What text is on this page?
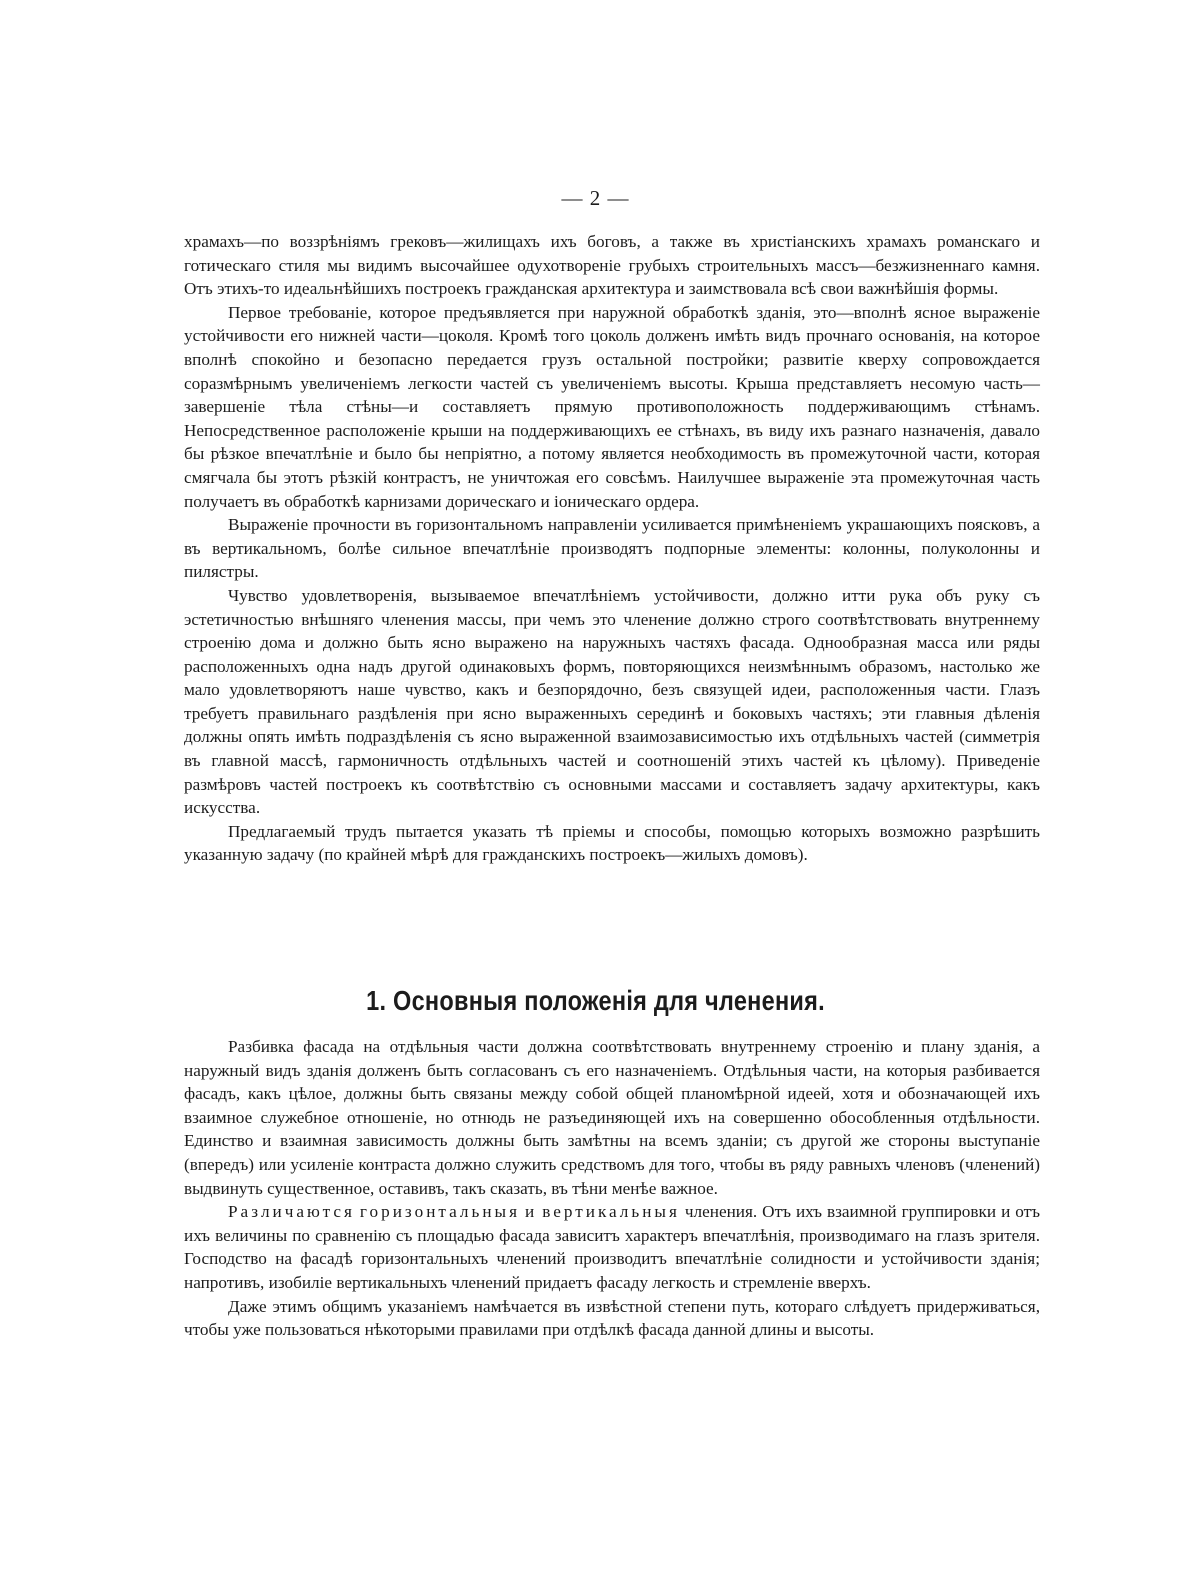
— 2 —

храмахъ—по воззрѣніямъ грековъ—жилищахъ ихъ боговъ, а также въ христіанскихъ храмахъ романскаго и готическаго стиля мы видимъ высочайшее одухотвореніе грубыхъ строительныхъ массъ—безжизненнаго камня. Отъ этихъ-то идеальнѣйшихъ построекъ гражданская архитектура и заимствовала всѣ свои важнѣйшія формы.

Первое требованіе, которое предъявляется при наружной обработкѣ зданія, это—вполнѣ ясное выраженіе устойчивости его нижней части—цоколя. Кромѣ того цоколь долженъ имѣть видъ прочнаго основанія, на которое вполнѣ спокойно и безопасно передается грузъ остальной постройки; развитіе кверху сопровождается соразмѣрнымъ увеличеніемъ легкости частей съ увеличеніемъ высоты. Крыша представляетъ несомую часть—завершеніе тѣла стѣны—и составляетъ прямую противоположность поддерживающимъ стѣнамъ. Непосредственное расположеніе крыши на поддерживающихъ ее стѣнахъ, въ виду ихъ разнаго назначенія, давало бы рѣзкое впечатлѣніе и было бы непріятно, а потому является необходимость въ промежуточной части, которая смягчала бы этотъ рѣзкій контрастъ, не уничтожая его совсѣмъ. Наилучшее выраженіе эта промежуточная часть получаетъ въ обработкѣ карнизами дорическаго и іоническаго ордера.

Выраженіе прочности въ горизонтальномъ направленіи усиливается примѣненіемъ украшающихъ поясковъ, а въ вертикальномъ, болѣе сильное впечатлѣніе производятъ подпорные элементы: колонны, полуколонны и пилястры.

Чувство удовлетворенія, вызываемое впечатлѣніемъ устойчивости, должно итти рука объ руку съ эстетичностью внѣшняго членения массы, при чемъ это членение должно строго соотвѣтствовать внутреннему строенію дома и должно быть ясно выражено на наружныхъ частяхъ фасада. Однообразная масса или ряды расположенныхъ одна надъ другой одинаковыхъ формъ, повторяющихся неизмѣннымъ образомъ, настолько же мало удовлетворяютъ наше чувство, какъ и безпорядочно, безъ связущей идеи, расположенныя части. Глазъ требуетъ правильнаго раздѣленія при ясно выраженныхъ серединѣ и боковыхъ частяхъ; эти главныя дѣленія должны опять имѣть подраздѣленія съ ясно выраженной взаимозависимостью ихъ отдѣльныхъ частей (симметрія въ главной массѣ, гармоничность отдѣльныхъ частей и соотношеній этихъ частей къ цѣлому). Приведеніе размѣровъ частей построекъ къ соотвѣтствію съ основными массами и составляетъ задачу архитектуры, какъ искусства.

Предлагаемый трудъ пытается указать тѣ пріемы и способы, помощью которыхъ возможно разрѣшить указанную задачу (по крайней мѣрѣ для гражданскихъ построекъ—жилыхъ домовъ).

1. Основныя положенія для членения.

Разбивка фасада на отдѣльныя части должна соотвѣтствовать внутреннему строенію и плану зданія, а наружный видъ зданія долженъ быть согласованъ съ его назначеніемъ. Отдѣльныя части, на которыя разбивается фасадъ, какъ цѣлое, должны быть связаны между собой общей планомѣрной идеей, хотя и обозначающей ихъ взаимное служебное отношеніе, но отнюдь не разъединяющей ихъ на совершенно обособленныя отдѣльности. Единство и взаимная зависимость должны быть замѣтны на всемъ зданіи; съ другой же стороны выступаніе (впередъ) или усиленіе контраста должно служить средствомъ для того, чтобы въ ряду равныхъ членовъ (членений) выдвинуть существенное, оставивъ, такъ сказать, въ тѣни менѣе важное.

Различаются горизонтальныя и вертикальныя членения. Отъ ихъ взаимной группировки и отъ ихъ величины по сравненію съ площадью фасада зависитъ характеръ впечатлѣнія, производимаго на глазъ зрителя. Господство на фасадѣ горизонтальныхъ членений производитъ впечатлѣніе солидности и устойчивости зданія; напротивъ, изобиліе вертикальныхъ членений придаетъ фасаду легкость и стремленіе вверхъ.

Даже этимъ общимъ указаніемъ намѣчается въ извѣстной степени путь, котораго слѣдуетъ придерживаться, чтобы уже пользоваться нѣкоторыми правилами при отдѣлкѣ фасада данной длины и высоты.
